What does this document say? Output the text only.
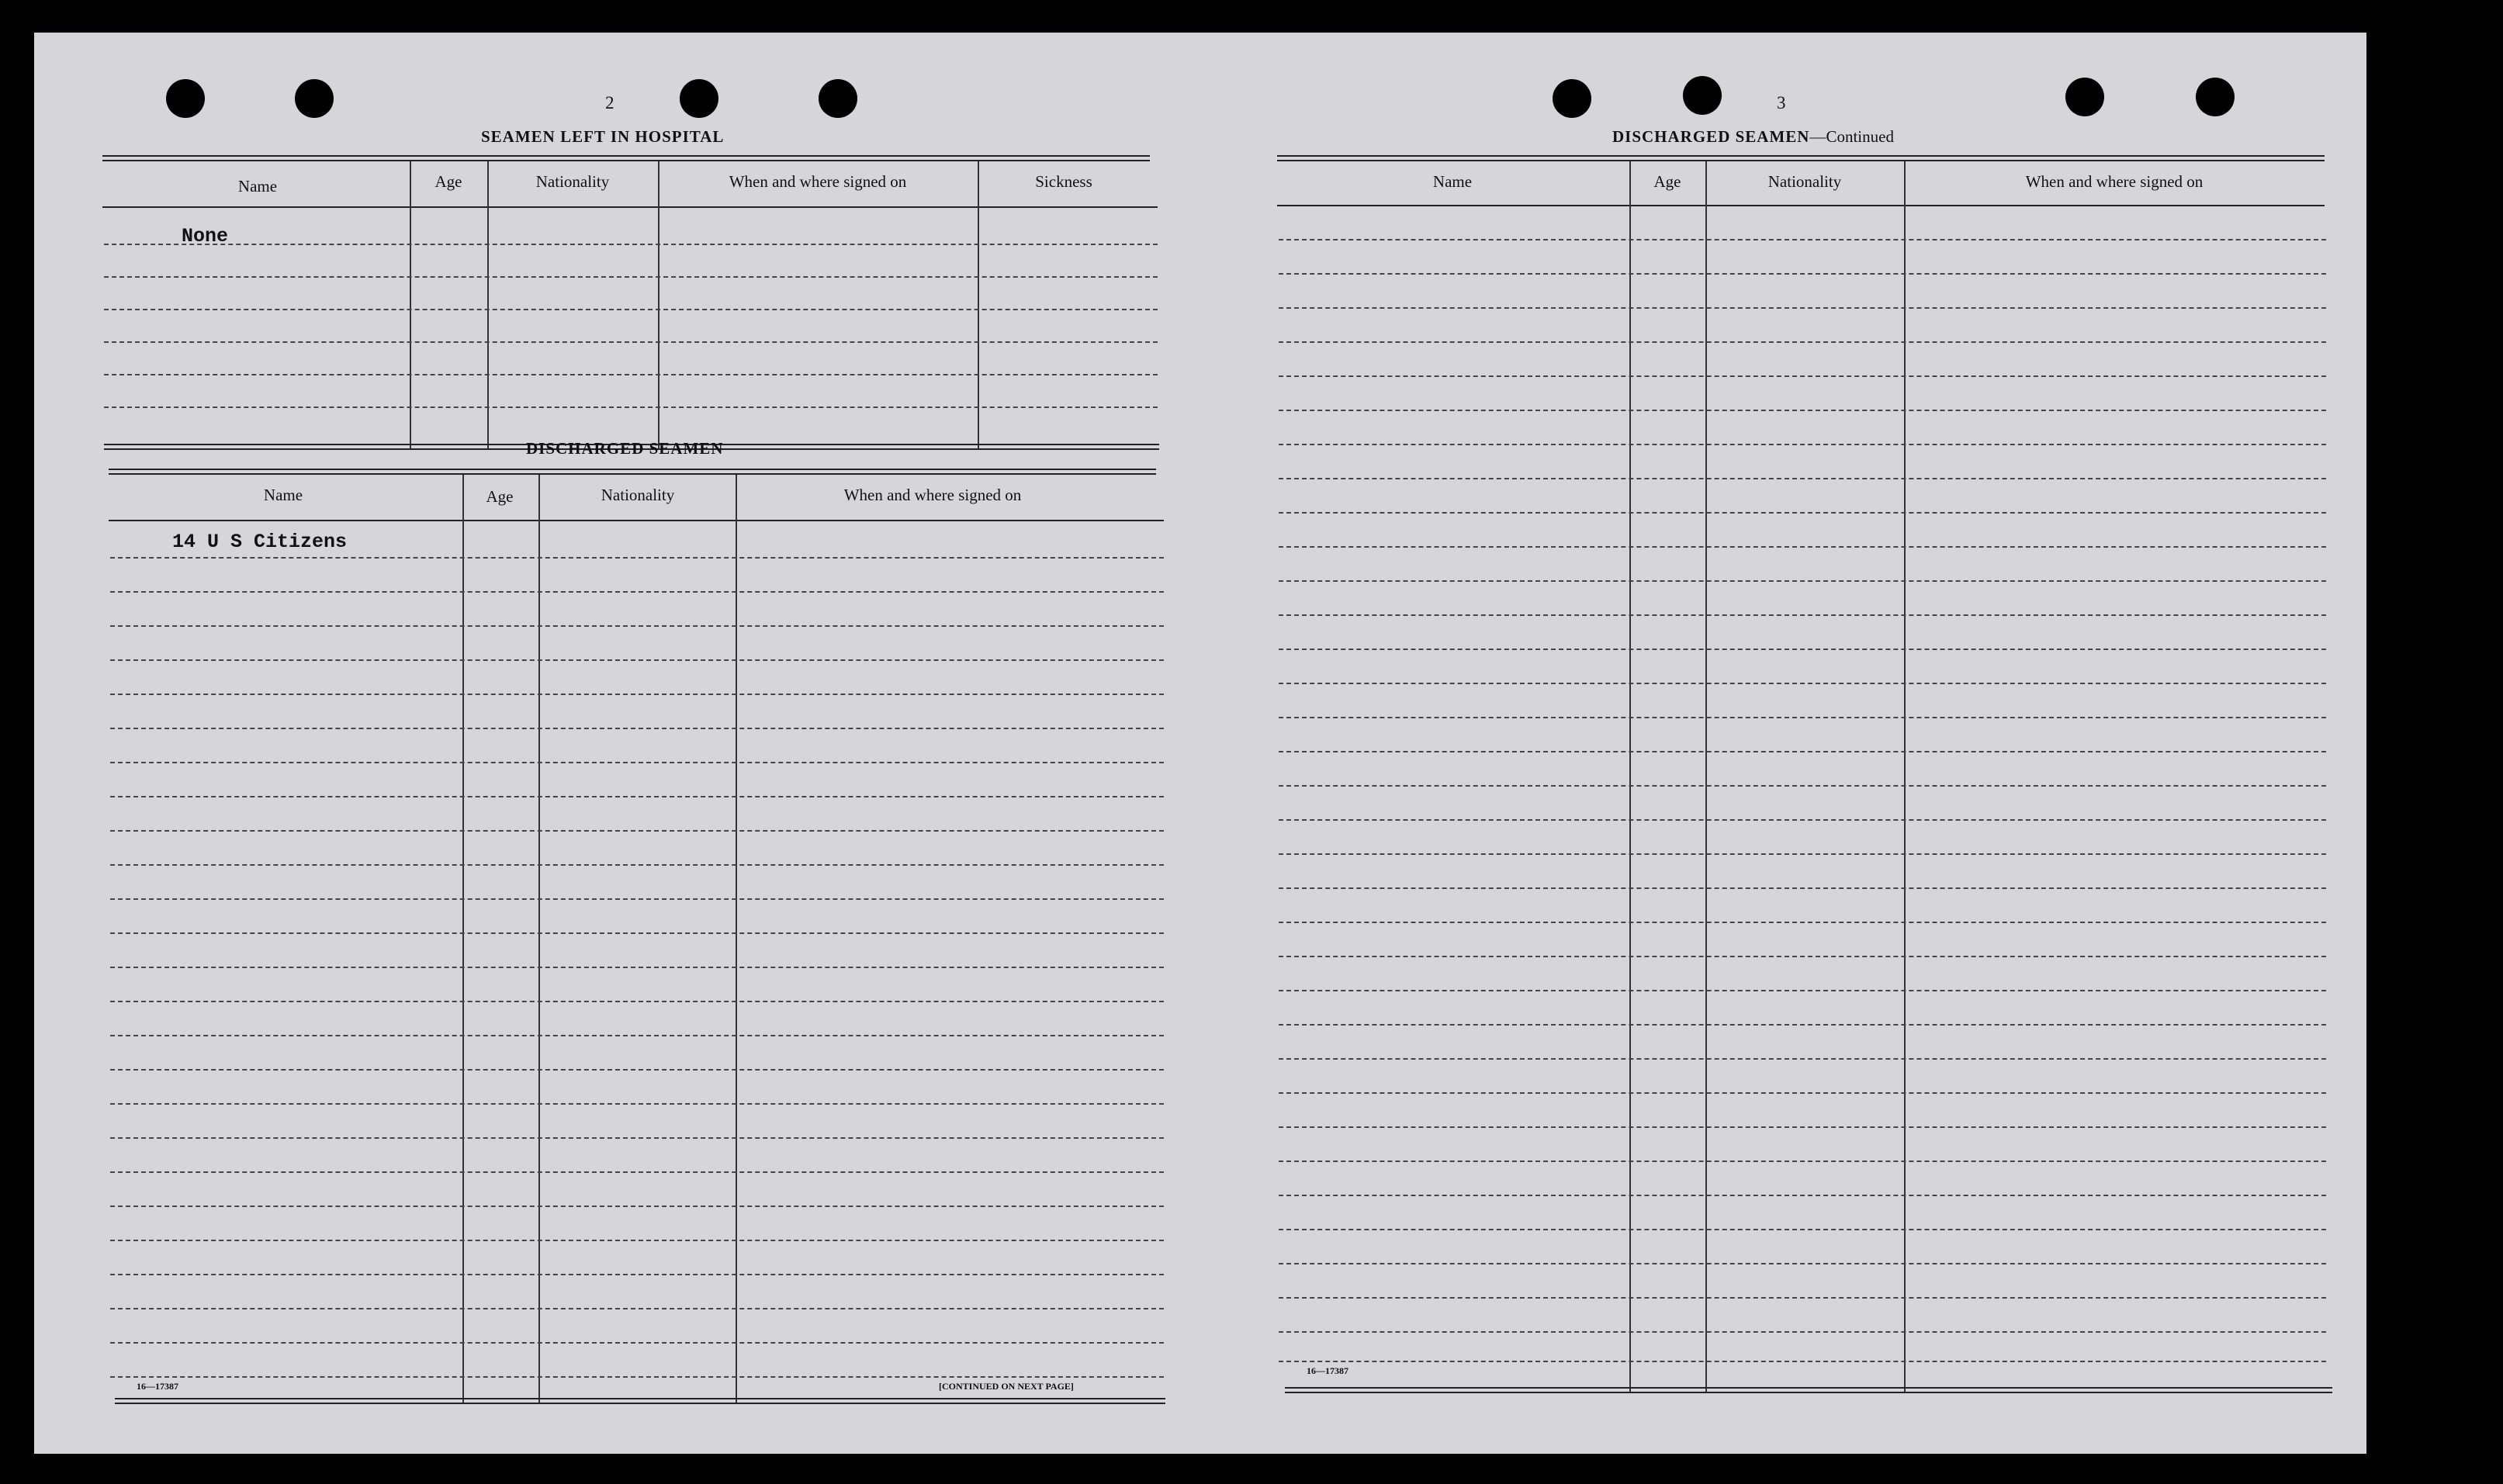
2
SEAMEN LEFT IN HOSPITAL
Name	Age	Nationality	When and where signed on	Sickness
None
DISCHARGED SEAMEN
Name	Age	Nationality	When and where signed on
14 U S Citizens
16—17387	[CONTINUED ON NEXT PAGE]
3
DISCHARGED SEAMEN—Continued
Name	Age	Nationality	When and where signed on
16—17387
